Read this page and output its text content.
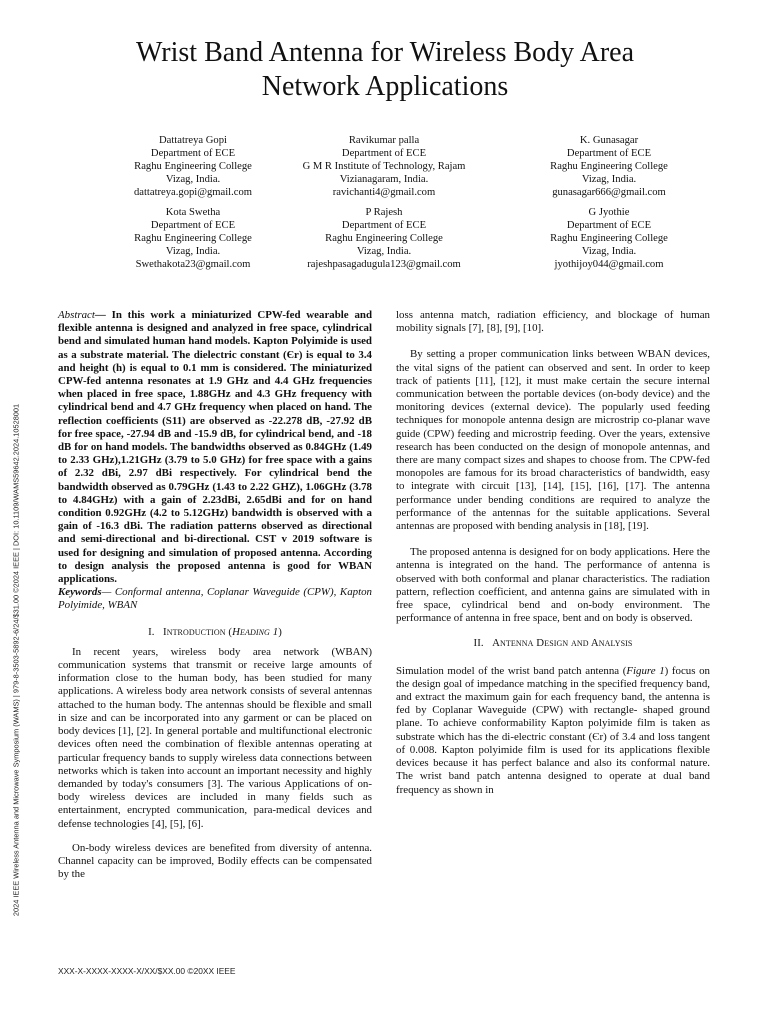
2024 IEEE Wireless Antenna and Microwave Symposium (WAMS) | 979-8-3503-5892-6/24/$31.00 ©2024 IEEE | DOI: 10.1109/WAMS59642.2024.10528001
Wrist Band Antenna for Wireless Body Area
Network Applications
Dattatreya Gopi
Department of ECE
Raghu Engineering College
Vizag, India.
dattatreya.gopi@gmail.com
Ravikumar palla
Department of ECE
G M R Institute of Technology, Rajam
Vizianagaram, India.
ravichanti4@gmail.com
K. Gunasagar
Department of ECE
Raghu Engineering College
Vizag, India.
gunasagar666@gmail.com
Kota Swetha
Department of ECE
Raghu Engineering College
Vizag, India.
Swethakota23@gmail.com
P Rajesh
Department of ECE
Raghu Engineering College
Vizag, India.
rajeshpasagadugula123@gmail.com
G Jyothie
Department of ECE
Raghu Engineering College
Vizag, India.
jyothijoy044@gmail.com

Abstract— In this work a miniaturized CPW-fed wearable and flexible antenna is designed and analyzed in free space, cylindrical bend and simulated human hand models. Kapton Polyimide is used as a substrate material. The dielectric constant (Єr) is equal to 3.4 and height (h) is equal to 0.1 mm is considered. The miniaturized CPW-fed antenna resonates at 1.9 GHz and 4.4 GHz frequencies when placed in free space, 1.88GHz and 4.3 GHz frequency with cylindrical bend and 4.7 GHz frequency when placed on hand. The reflection coefficients (S11) are observed as -22.278 dB, -27.92 dB for free space, -27.94 dB and -15.9 dB, for cylindrical bend, and -18 dB for on hand models. The bandwidths observed as 0.84GHz (1.49 to 2.33 GHz),1.21GHz (3.79 to 5.0 GHz) for free space with a gains of 2.32 dBi, 2.97 dBi respectively. For cylindrical bend the bandwidth observed as 0.79GHz (1.43 to 2.22 GHZ), 1.06GHz (3.78 to 4.84GHz) with a gain of 2.23dBi, 2.65dBi and for on hand condition 0.92GHz (4.2 to 5.12GHz) bandwidth is observed with a gain of -16.3 dBi. The radiation patterns observed as directional and semi-directional and bi-directional. CST v 2019 software is used for designing and simulation of proposed antenna. According to design analysis the proposed antenna is good for WBAN applications.

Keywords— Conformal antenna, Coplanar Waveguide (CPW), Kapton Polyimide, WBAN

I. Introduction (Heading 1)

In recent years, wireless body area network (WBAN) communication systems that transmit or receive large amounts of information close to the human body, has been studied for many applications. A wireless body area network consists of several antennas attached to the human body. The antennas should be flexible and small in size and can be incorporated into any garment or can be placed on body devices [1], [2]. In general portable and multifunctional electronic devices often need the combination of flexible antennas operating at particular frequency bands to supply wireless data connections between networks which is taken into account an important necessity and highly demanded by today's consumers [3]. The various Applications of on-body wireless devices are included in many fields such as entertainment, encrypted communication, para-medical devices and defense technologies [4], [5], [6].

On-body wireless devices are benefited from diversity of antenna. Channel capacity can be improved, Bodily effects can be compensated by the

loss antenna match, radiation efficiency, and blockage of human mobility signals [7], [8], [9], [10].

By setting a proper communication links between WBAN devices, the vital signs of the patient can observed and sent. In order to keep track of patients [11], [12], it must make certain the secure internal communication between the portable devices (on-body device) and the monitoring devices (external device). The popularly used feeding techniques for monopole antenna design are microstrip co-planar wave guide (CPW) feeding and microstrip feeding. Over the years, extensive research has been conducted on the design of monopole antennas, and there are many compact sizes and shapes to choose from. The CPW-fed monopoles are famous for its broad characteristics of bandwidth, easy to integrate with circuit [13], [14], [15], [16], [17]. The antenna performance under bending conditions are required to analyze the performance of the antennas for the suitable applications. Several antennas are proposed with bending analysis in [18], [19].

The proposed antenna is designed for on body applications. Here the antenna is integrated on the hand. The performance of antenna is observed with both conformal and planar characteristics. The radiation pattern, reflection coefficient, and antenna gains are simulated with in free space, cylindrical bend and on-body environment. The performance of antenna in free space, bent and on body is observed.

II. Antenna Design and Analysis

Simulation model of the wrist band patch antenna (Figure 1) focus on the design goal of impedance matching in the specified frequency band, and extract the maximum gain for each frequency band, the antenna is fed by Coplanar Waveguide (CPW) with rectangle- shaped ground plane. To achieve conformability Kapton polyimide film is taken as substrate which has the di-electric constant (Єr) of 3.4 and loss tangent of 0.008. Kapton polyimide film is used for its applications flexible devices because it has perfect balance and also its conformal nature. The wrist band patch antenna designed to operate at dual band frequency as shown in

XXX-X-XXXX-XXXX-X/XX/$XX.00 ©20XX IEEE
